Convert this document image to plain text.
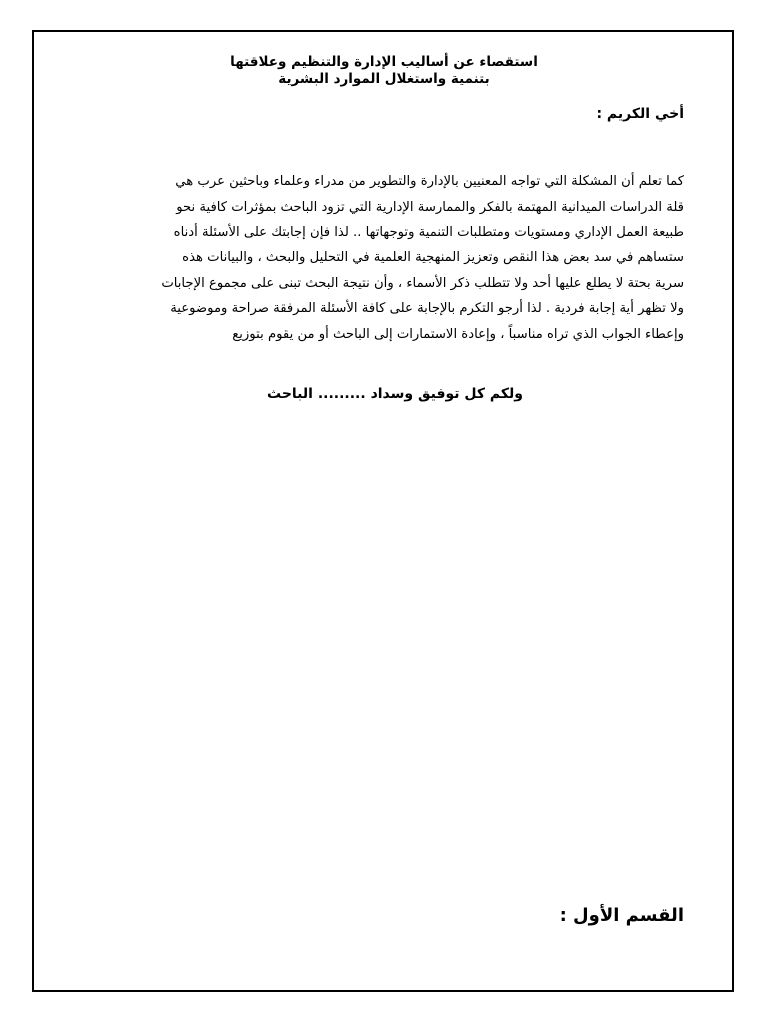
استقصاء عن أساليب الإدارة والتنظيم وعلاقتها
بتنمية واستغلال الموارد البشرية
أخي الكريم :
كما تعلم أن المشكلة التي تواجه المعنيين بالإدارة والتطوير من مدراء وعلماء وباحثين عرب هي
قلة الدراسات الميدانية المهتمة بالفكر والممارسة الإدارية التي تزود الباحث بمؤثرات كافية نحو
طبيعة العمل الإداري ومستويات ومتطلبات التنمية وتوجهاتها .. لذا فإن إجابتك على الأسئلة أدناه
ستساهم في سد بعض هذا النقص وتعزيز المنهجية العلمية في التحليل والبحث ، والبيانات هذه
سرية بحتة لا يطلع عليها أحد ولا تتطلب ذكر الأسماء ، وأن نتيجة البحث تبنى على مجموع الإجابات
ولا تظهر أية إجابة فردية . لذا أرجو التكرم بالإجابة على كافة الأسئلة المرفقة صراحة وموضوعية
وإعطاء الجواب الذي تراه مناسباً ، وإعادة الاستمارات إلى الباحث أو من يقوم بتوزيع
ولكم كل توفيق وسداد ......... الباحث
القسم الأول :
